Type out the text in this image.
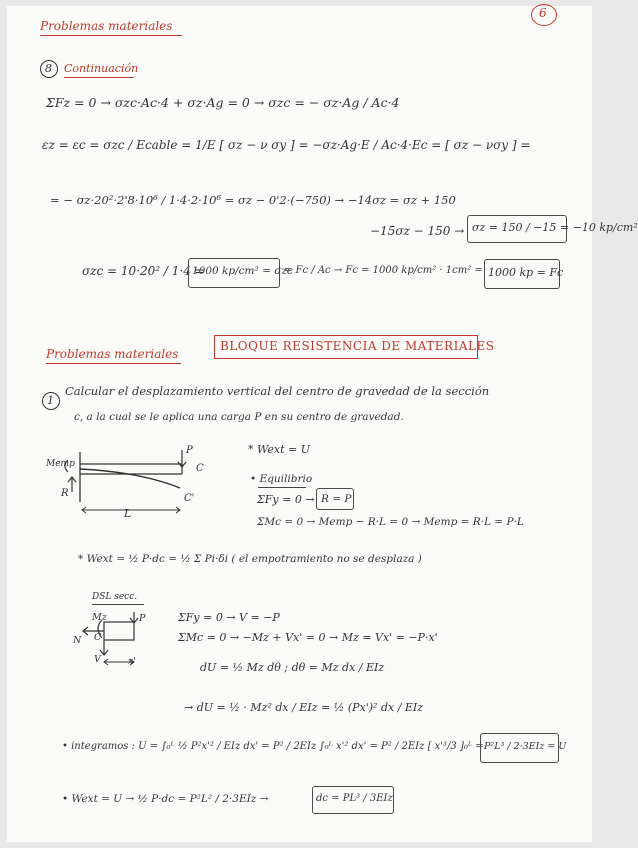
Problemas materiales
6
8 Continuación
ΣFz = 0 → σzc·Ac·4 + σz·Ag = 0 → σzc = − σz·Ag / Ac·4
εz = εc = σzc / Ecable = 1/E [ σz − ν σy ] = −σz·Ag·E / Ac·4·Ec = [ σz − νσy ] =
= − σz·20²·2'8·10⁶ / 1·4·2·10⁶ = σz − 0'2·(−750) → −14σz = σz + 150
−15σz − 150 → σz = 150 / −15 = −10 kp/cm²
σzc = 10·20² / 1·4 =
1000 kp/cm² = σzc
= Fc / Ac → Fc = 1000 kp/cm² · 1cm² = 1000 kp = Fc
Problemas materiales
BLOQUE RESISTENCIA DE MATERIALES
1
Calcular el desplazamiento vertical del centro de gravedad de la sección
c, a la cual se le aplica una carga P en su centro de gravedad.
Memp
R
P
C
C'
L
* Wext = U
• Equilibrio
ΣFy = 0 → R = P
ΣMc = 0 → Memp − R·L = 0 → Memp = R·L = P·L
* Wext = ½ P·dc = ½ Σ Pi·δi ( el empotramiento no se desplaza )
DSL secc.
Mz
C
P
N
V	x'
ΣFy = 0 → V = −P
ΣMc = 0 → −Mz + Vx' = 0 → Mz = Vx' = −P·x'
dU = ½ Mz dθ ; dθ = Mz dx / EIz
→ dU = ½ · Mz² dx / EIz = ½ (Px')² dx / EIz
• integramos : U = ∫₀ᴸ ½ P²x'² / EIz dx' = P² / 2EIz ∫₀ᴸ x'² dx' = P² / 2EIz [ x'³/3 ]₀ᴸ = P²L³ / 2·3EIz = U
• Wext = U → ½ P·dc = P²L² / 2·3EIz →	dc = PL³ / 3EIz
